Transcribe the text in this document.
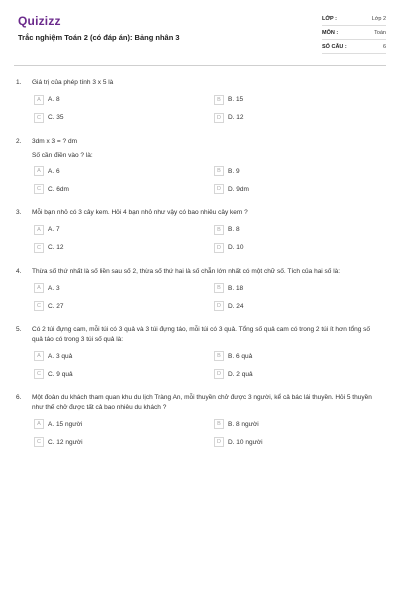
Quizizz
Trắc nghiệm Toán 2 (có đáp án): Bảng nhân 3
LỚP :	Lớp 2
MÔN :	Toán
SỐ CÂU :	6
1.	Giá trị của phép tính 3 x 5 là
A	A. 8	B	B. 15
C	C. 35	D	D. 12
2.	3dm x 3 = ? dm
Số cần điền vào ? là:
A	A. 6	B	B. 9
C	C. 6dm	D	D. 9dm
3.	Mỗi bạn nhỏ có 3 cây kem. Hỏi 4 bạn nhỏ như vậy có bao nhiêu cây kem ?
A	A. 7	B	B. 8
C	C. 12	D	D. 10
4.	Thừa số thứ nhất là số liền sau số 2, thừa số thứ hai là số chẵn lớn nhất có một chữ số. Tích của hai số là:
A	A. 3	B	B. 18
C	C. 27	D	D. 24
5.	Có 2 túi đựng cam, mỗi túi có 3 quả và 3 túi đựng táo, mỗi túi có 3 quả. Tổng số quả cam có trong 2 túi ít hơn tổng số quả táo có trong 3 túi số quả là:
A	A. 3 quả	B	B. 6 quả
C	C. 9 quả	D	D. 2 quả
6.	Một đoàn du khách tham quan khu du lịch Tràng An, mỗi thuyền chở được 3 người, kể cả bác lái thuyền. Hỏi 5 thuyền như thế chở được tất cả bao nhiêu du khách ?
A	A. 15 người	B	B. 8 người
C	C. 12 người	D	D. 10 người
